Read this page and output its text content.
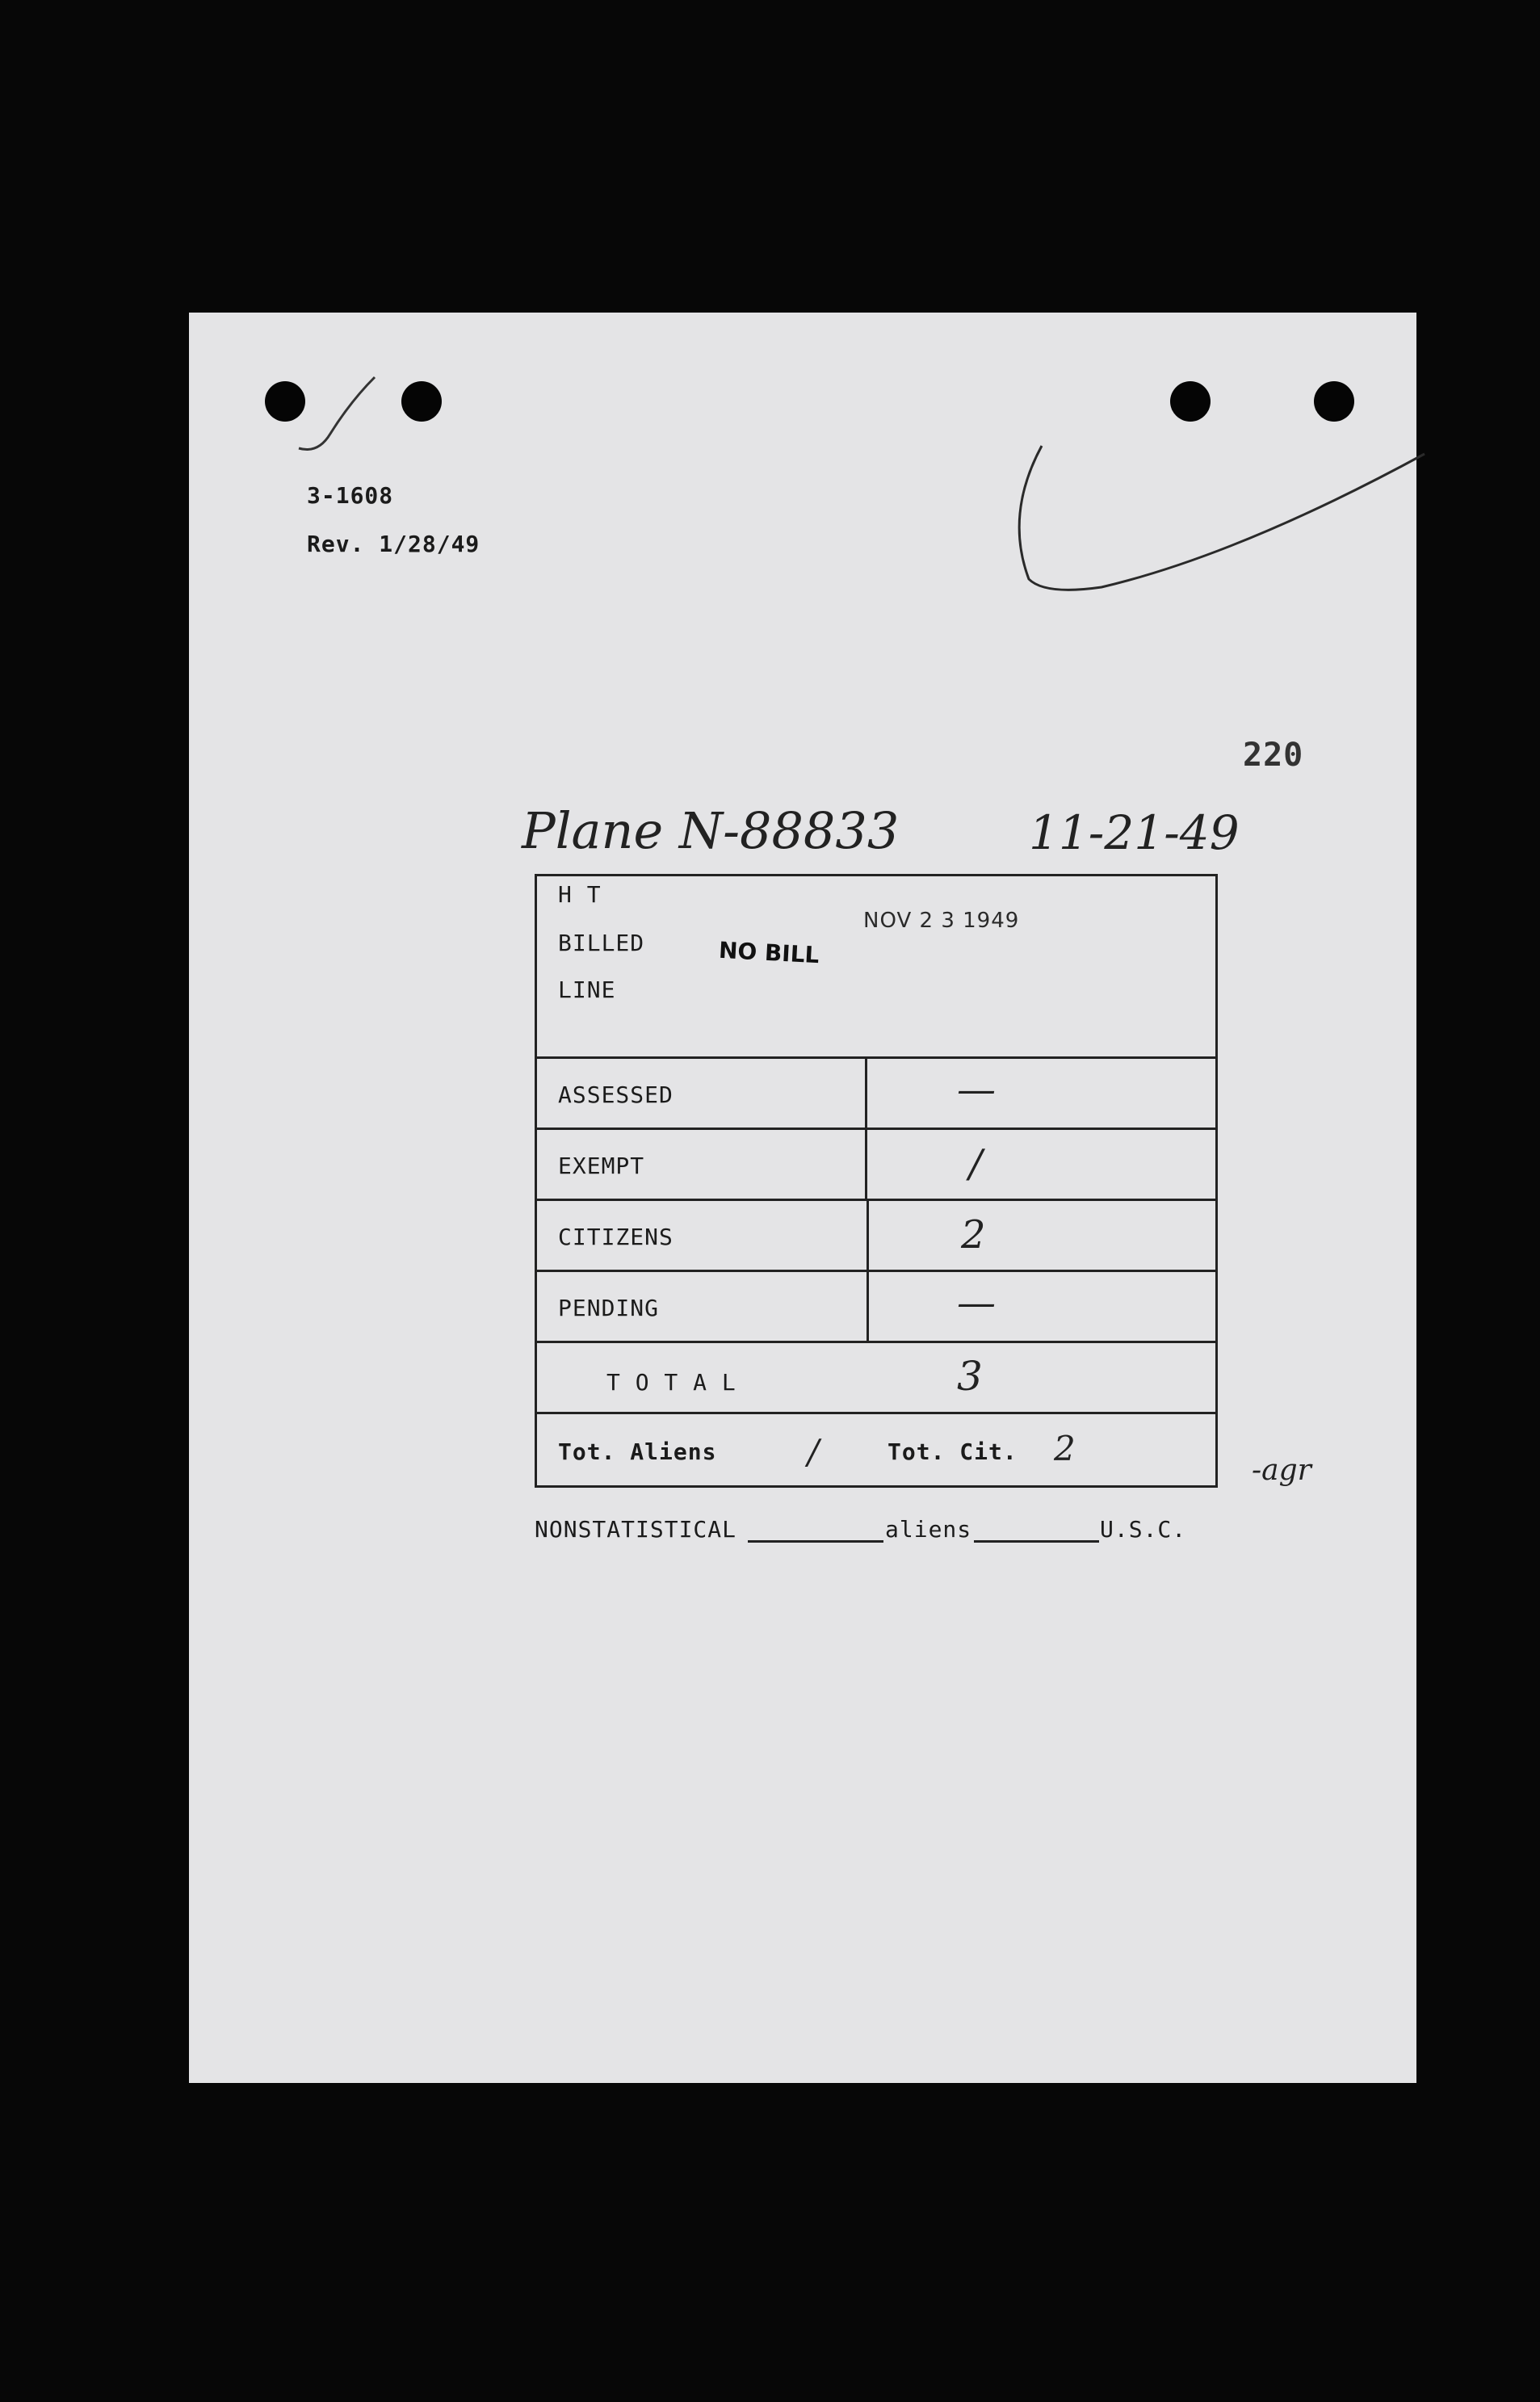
3-1608
Rev. 1/28/49
220
Plane N-88833	11-21-49
H T
BILLED
LINE
NOV 2 3 1949
NO BILL
ASSESSED	—
EXEMPT	/
CITIZENS	2
PENDING	—
T O T A L	3
Tot. Aliens	/	Tot. Cit. 2
-agr
NONSTATISTICAL	aliens	U.S.C.
